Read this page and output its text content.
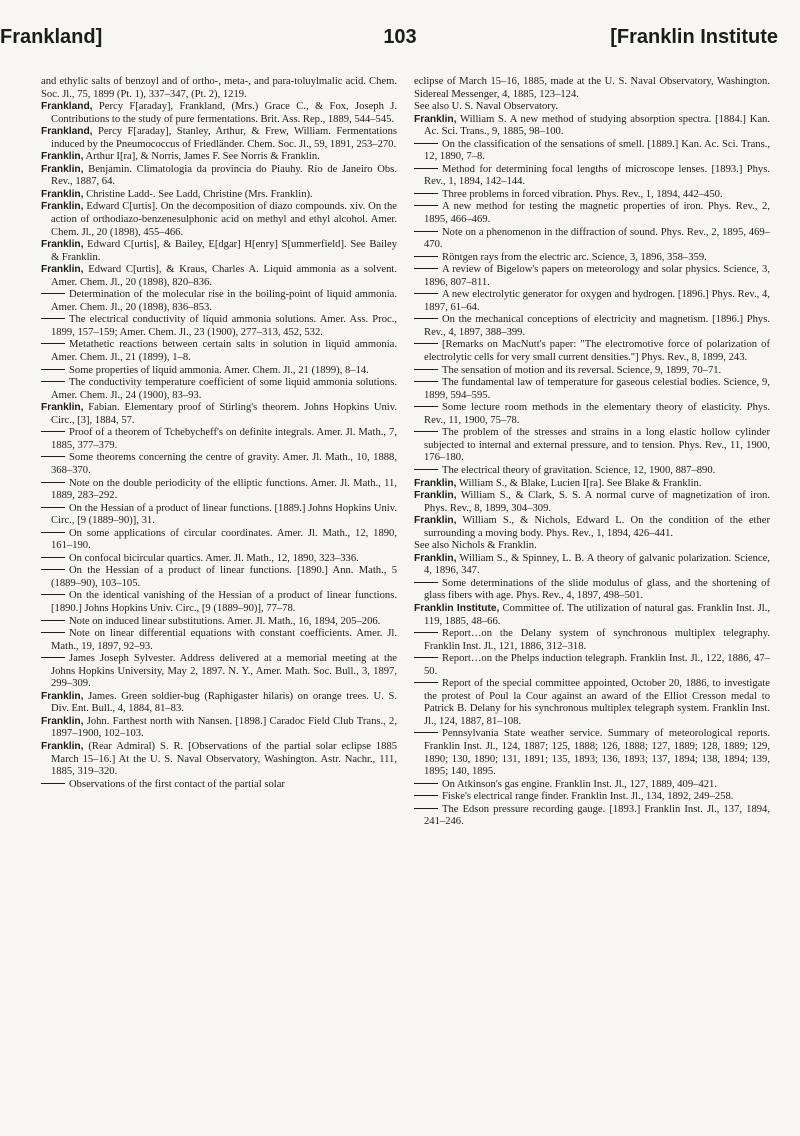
Frankland]	103	[Franklin Institute
and ethylic salts of benzoyl and of ortho-, meta-, and para-toluylmalic acid. Chem. Soc. Jl., 75, 1899 (Pt. 1), 337–347, (Pt. 2), 1219.
Frankland, Percy F[araday], Frankland, (Mrs.) Grace C., & Fox, Joseph J. Contributions to the study of pure fermentations. Brit. Ass. Rep., 1889, 544–545.
Frankland, Percy F[araday], Stanley, Arthur, & Frew, William. Fermentations induced by the Pneumococcus of Friedländer. Chem. Soc. Jl., 59, 1891, 253–270.
Franklin, Arthur I[ra], & Norris, James F. See Norris & Franklin.
Franklin, Benjamin. Climatologia da provincia do Piauhy. Rio de Janeiro Obs. Rev., 1887, 64.
Franklin, Christine Ladd-. See Ladd, Christine (Mrs. Franklin).
Franklin, Edward C[urtis]. On the decomposition of diazo compounds. xiv. On the action of orthodiazo-benzenesulphonic acid on methyl and ethyl alcohol. Amer. Chem. Jl., 20 (1898), 455–466.
Franklin, Edward C[urtis], & Bailey, E[dgar] H[enry] S[ummerfield]. See Bailey & Franklin.
Franklin, Edward C[urtis], & Kraus, Charles A. Liquid ammonia as a solvent. Amer. Chem. Jl., 20 (1898), 820–836.
Determination of the molecular rise in the boiling-point of liquid ammonia. Amer. Chem. Jl., 20 (1898), 836–853.
The electrical conductivity of liquid ammonia solutions. Amer. Ass. Proc., 1899, 157–159; Amer. Chem. Jl., 23 (1900), 277–313, 452, 532.
Metathetic reactions between certain salts in solution in liquid ammonia. Amer. Chem. Jl., 21 (1899), 1–8.
Some properties of liquid ammonia. Amer. Chem. Jl., 21 (1899), 8–14.
The conductivity temperature coefficient of some liquid ammonia solutions. Amer. Chem. Jl., 24 (1900), 83–93.
Franklin, Fabian. Elementary proof of Stirling's theorem. Johns Hopkins Univ. Circ., [3], 1884, 57.
Proof of a theorem of Tchebycheff's on definite integrals. Amer. Jl. Math., 7, 1885, 377–379.
Some theorems concerning the centre of gravity. Amer. Jl. Math., 10, 1888, 368–370.
Note on the double periodicity of the elliptic functions. Amer. Jl. Math., 11, 1889, 283–292.
On the Hessian of a product of linear functions. [1889.] Johns Hopkins Univ. Circ., [9 (1889–90)], 31.
On some applications of circular coordinates. Amer. Jl. Math., 12, 1890, 161–190.
On confocal bicircular quartics. Amer. Jl. Math., 12, 1890, 323–336.
On the Hessian of a product of linear functions. [1890.] Ann. Math., 5 (1889–90), 103–105.
On the identical vanishing of the Hessian of a product of linear functions. [1890.] Johns Hopkins Univ. Circ., [9 (1889–90)], 77–78.
Note on induced linear substitutions. Amer. Jl. Math., 16, 1894, 205–206.
Note on linear differential equations with constant coefficients. Amer. Jl. Math., 19, 1897, 92–93.
James Joseph Sylvester. Address delivered at a memorial meeting at the Johns Hopkins University, May 2, 1897. N. Y., Amer. Math. Soc. Bull., 3, 1897, 299–309.
Franklin, James. Green soldier-bug (Raphigaster hilaris) on orange trees. U. S. Div. Ent. Bull., 4, 1884, 81–83.
Franklin, John. Farthest north with Nansen. [1898.] Caradoc Field Club Trans., 2, 1897–1900, 102–103.
Franklin, (Rear Admiral) S. R. [Observations of the partial solar eclipse 1885 March 15–16.] At the U. S. Naval Observatory, Washington. Astr. Nachr., 111, 1885, 319–320.
Observations of the first contact of the partial solar
eclipse of March 15–16, 1885, made at the U. S. Naval Observatory, Washington. Sidereal Messenger, 4, 1885, 123–124.
See also U. S. Naval Observatory.
Franklin, William S. A new method of studying absorption spectra. [1884.] Kan. Ac. Sci. Trans., 9, 1885, 98–100.
On the classification of the sensations of smell. [1889.] Kan. Ac. Sci. Trans., 12, 1890, 7–8.
Method for determining focal lengths of microscope lenses. [1893.] Phys. Rev., 1, 1894, 142–144.
Three problems in forced vibration. Phys. Rev., 1, 1894, 442–450.
A new method for testing the magnetic properties of iron. Phys. Rev., 2, 1895, 466–469.
Note on a phenomenon in the diffraction of sound. Phys. Rev., 2, 1895, 469–470.
Röntgen rays from the electric arc. Science, 3, 1896, 358–359.
A review of Bigelow's papers on meteorology and solar physics. Science, 3, 1896, 807–811.
A new electrolytic generator for oxygen and hydrogen. [1896.] Phys. Rev., 4, 1897, 61–64.
On the mechanical conceptions of electricity and magnetism. [1896.] Phys. Rev., 4, 1897, 388–399.
[Remarks on MacNutt's paper: "The electromotive force of polarization of electrolytic cells for very small current densities."] Phys. Rev., 8, 1899, 243.
The sensation of motion and its reversal. Science, 9, 1899, 70–71.
The fundamental law of temperature for gaseous celestial bodies. Science, 9, 1899, 594–595.
Some lecture room methods in the elementary theory of elasticity. Phys. Rev., 11, 1900, 75–78.
The problem of the stresses and strains in a long elastic hollow cylinder subjected to internal and external pressure, and to tension. Phys. Rev., 11, 1900, 176–180.
The electrical theory of gravitation. Science, 12, 1900, 887–890.
Franklin, William S., & Blake, Lucien I[ra]. See Blake & Franklin.
Franklin, William S., & Clark, S. S. A normal curve of magnetization of iron. Phys. Rev., 8, 1899, 304–309.
Franklin, William S., & Nichols, Edward L. On the condition of the ether surrounding a moving body. Phys. Rev., 1, 1894, 426–441.
See also Nichols & Franklin.
Franklin, William S., & Spinney, L. B. A theory of galvanic polarization. Science, 4, 1896, 347.
Some determinations of the slide modulus of glass, and the shortening of glass fibers with age. Phys. Rev., 4, 1897, 498–501.
Franklin Institute, Committee of. The utilization of natural gas. Franklin Inst. Jl., 119, 1885, 48–66.
Report…on the Delany system of synchronous multiplex telegraphy. Franklin Inst. Jl., 121, 1886, 312–318.
Report…on the Phelps induction telegraph. Franklin Inst. Jl., 122, 1886, 47–50.
Report of the special committee appointed, October 20, 1886, to investigate the protest of Poul la Cour against an award of the Elliot Cresson medal to Patrick B. Delany for his synchronous multiplex telegraph system. Franklin Inst. Jl., 124, 1887, 81–108.
Pennsylvania State weather service. Summary of meteorological reports. Franklin Inst. Jl., 124, 1887; 125, 1888; 126, 1888; 127, 1889; 128, 1889; 129, 1890; 130, 1890; 131, 1891; 135, 1893; 136, 1893; 137, 1894; 138, 1894; 139, 1895; 140, 1895.
On Atkinson's gas engine. Franklin Inst. Jl., 127, 1889, 409–421.
Fiske's electrical range finder. Franklin Inst. Jl., 134, 1892, 249–258.
The Edson pressure recording gauge. [1893.] Franklin Inst. Jl., 137, 1894, 241–246.
